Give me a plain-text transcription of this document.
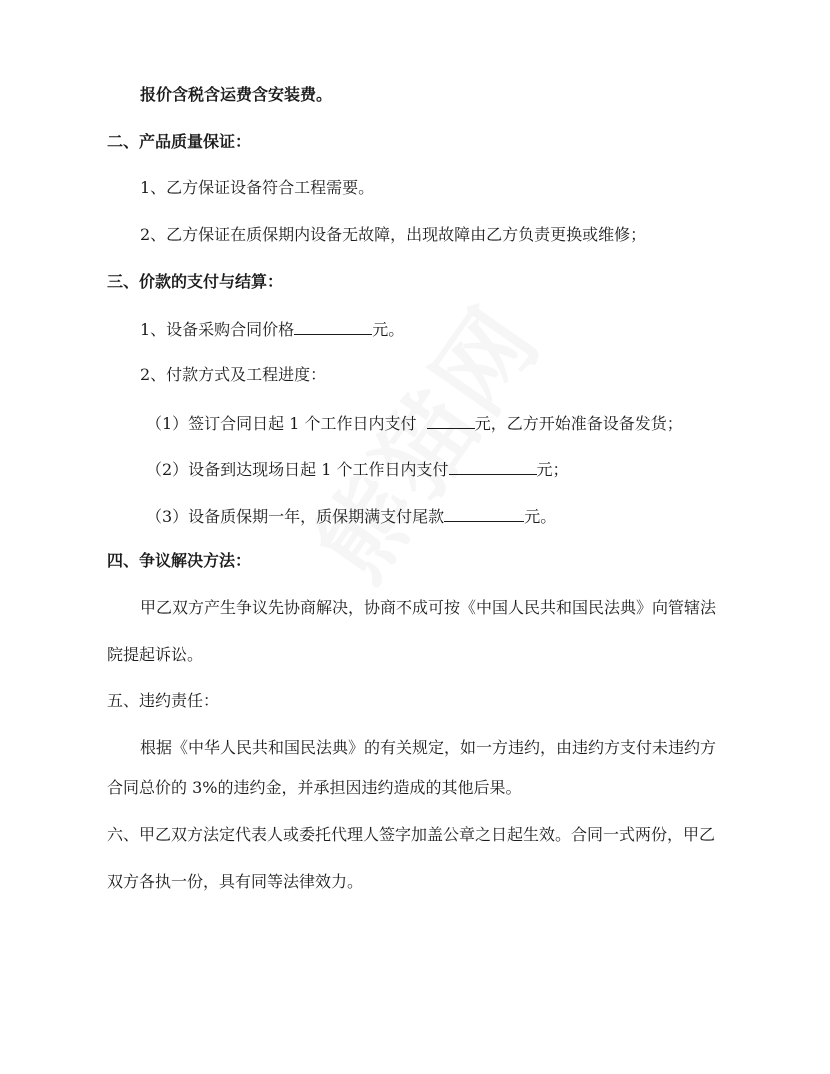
报价含税含运费含安装费。
二、产品质量保证：
1、乙方保证设备符合工程需要。
2、乙方保证在质保期内设备无故障，出现故障由乙方负责更换或维修；
三、价款的支付与结算：
1、设备采购合同价格	元。
2、付款方式及工程进度：
（1）签订合同日起 1 个工作日内支付	元，乙方开始准备设备发货；
（2）设备到达现场日起 1 个工作日内支付	元；
（3）设备质保期一年，质保期满支付尾款	元。
四、争议解决方法：
甲乙双方产生争议先协商解决，协商不成可按《中国人民共和国民法典》向管辖法
院提起诉讼。
五、违约责任：
根据《中华人民共和国民法典》的有关规定，如一方违约，由违约方支付未违约方
合同总价的 3%的违约金，并承担因违约造成的其他后果。
六、甲乙双方法定代表人或委托代理人签字加盖公章之日起生效。合同一式两份，甲乙
双方各执一份，具有同等法律效力。
